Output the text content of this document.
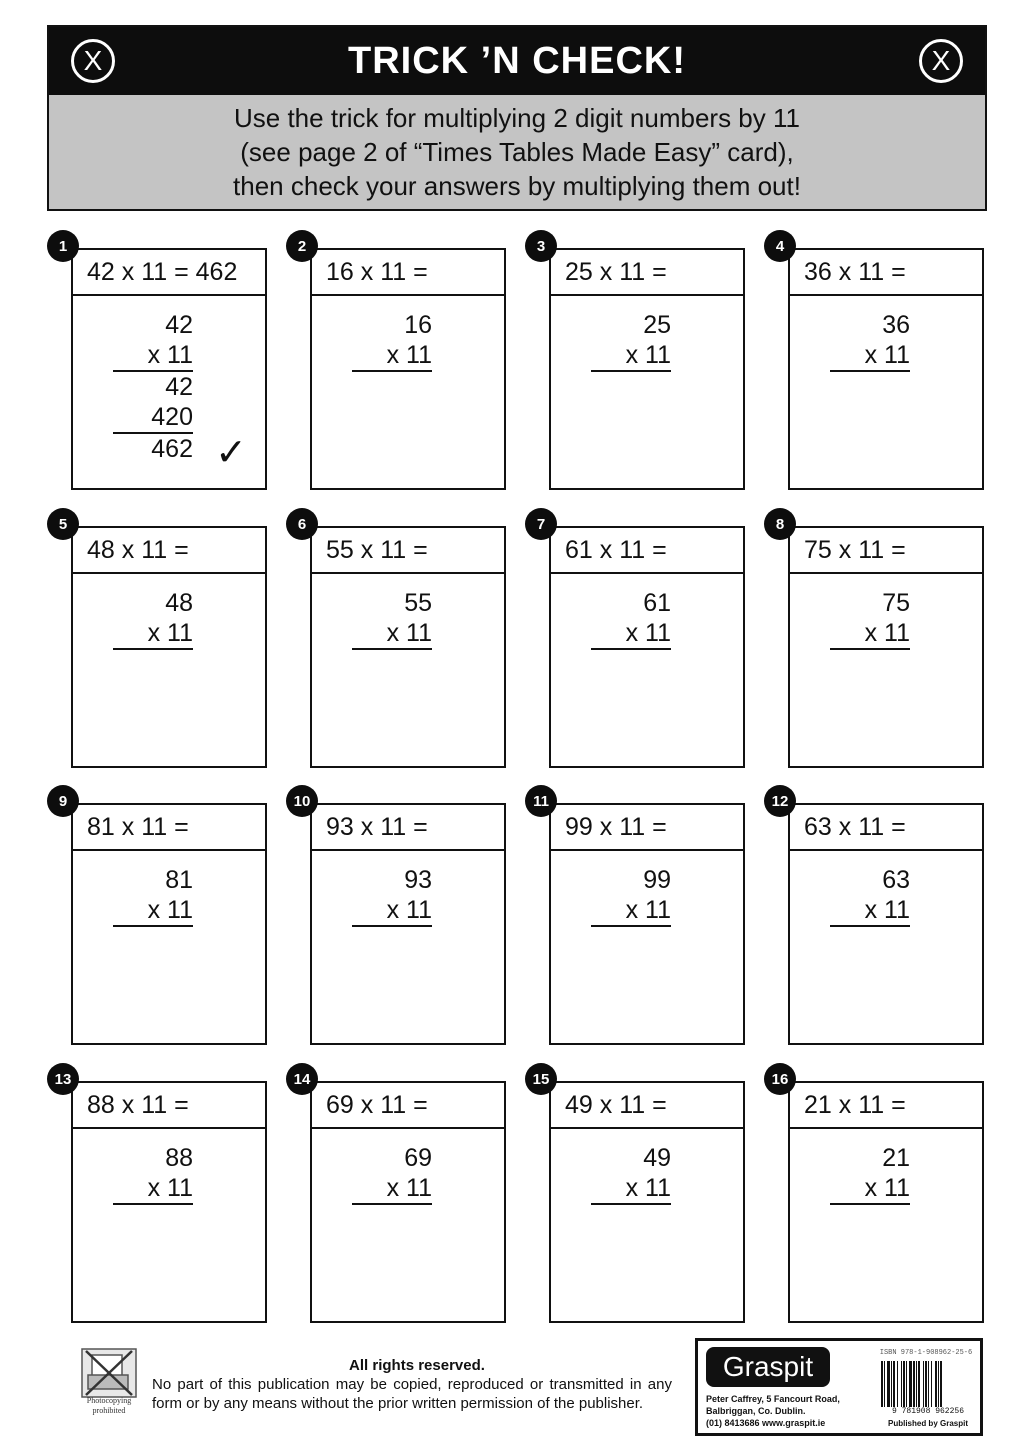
X	TRICK ’N CHECK!	X
Use the trick for multiplying 2 digit numbers by 11
(see page 2 of “Times Tables Made Easy” card),
then check your answers by multiplying them out!
42 x 11 = 462
42
x 11
42
420
462 ✓
1
16 x 11 =
16
x 11
2
25 x 11 =
25
x 11
3
36 x 11 =
36
x 11
4
48 x 11 =
48
x 11
5
55 x 11 =
55
x 11
6
61 x 11 =
61
x 11
7
75 x 11 =
75
x 11
8
81 x 11 =
81
x 11
9
93 x 11 =
93
x 11
10
99 x 11 =
99
x 11
11
63 x 11 =
63
x 11
12
88 x 11 =
88
x 11
13
69 x 11 =
69
x 11
14
49 x 11 =
49
x 11
15
21 x 11 =
21
x 11
16
Photocopying prohibited
All rights reserved.
No part of this publication may be copied, reproduced or transmitted in any form or by any means without the prior written permission of the publisher.
Graspit
Peter Caffrey, 5 Fancourt Road,
Balbriggan, Co. Dublin.
(01) 8413686 www.graspit.ie
ISBN 978-1-908962-25-6
9 781908 962256
Published by Graspit
